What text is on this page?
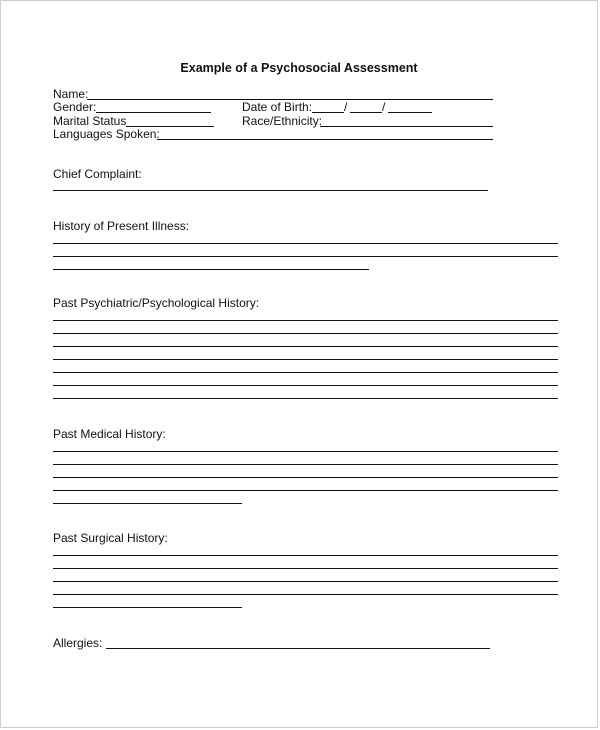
Example of a Psychosocial Assessment
Name:
Gender:	Date of Birth:	/	/
Marital Status	Race/Ethnicity:
Languages Spoken:
Chief Complaint:
History of Present Illness:
Past Psychiatric/Psychological History:
Past Medical History:
Past Surgical History:
Allergies:
